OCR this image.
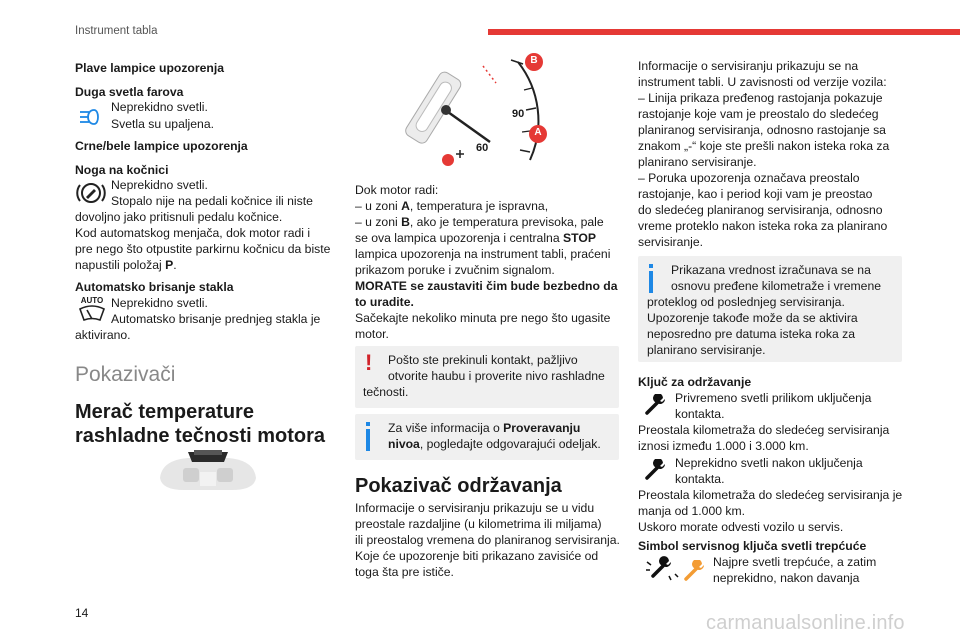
Instrument tabla
Plave lampice upozorenja
Duga svetla farova
Neprekidno svetli.
Svetla su upaljena.
Crne/bele lampice upozorenja
Noga na kočnici
Neprekidno svetli.
Stopalo nije na pedali kočnice ili niste
dovoljno jako pritisnuli pedalu kočnice.
Kod automatskog menjača, dok motor radi i
pre nego što otpustite parkirnu kočnicu da biste
napustili položaj P.
Automatsko brisanje stakla
AUTO Neprekidno svetli.
Automatsko brisanje prednjeg stakla je
aktivirano.
Pokazivači
Merač temperature
rashladne tečnosti motora
B
A
90
60
Dok motor radi:
– u zoni A, temperatura je ispravna,
– u zoni B, ako je temperatura previsoka, pale
se ova lampica upozorenja i centralna STOP
lampica upozorenja na instrument tabli, praćeni
prikazom poruke i zvučnim signalom.
MORATE se zaustaviti čim bude bezbedno da
to uradite.
Sačekajte nekoliko minuta pre nego što ugasite
motor.
! Pošto ste prekinuli kontakt, pažljivo
otvorite haubu i proverite nivo rashladne
tečnosti.
Za više informacija o Proveravanju
nivoa, pogledajte odgovarajući odeljak.
Pokazivač održavanja
Informacije o servisiranju prikazuju se u vidu
preostale razdaljine (u kilometrima ili miljama)
ili preostalog vremena do planiranog servisiranja.
Koje će upozorenje biti prikazano zavisiće od
toga šta pre ističe.
Informacije o servisiranju prikazuju se na
instrument tabli. U zavisnosti od verzije vozila:
– Linija prikaza pređenog rastojanja pokazuje
rastojanje koje vam je preostalo do sledećeg
planiranog servisiranja, odnosno rastojanje sa
znakom „-“ koje ste prešli nakon isteka roka za
planirano servisiranje.
– Poruka upozorenja označava preostalo
rastojanje, kao i period koji vam je preostao
do sledećeg planiranog servisiranja, odnosno
vreme proteklo nakon isteka roka za planirano
servisiranje.
Prikazana vrednost izračunava se na
osnovu pređene kilometraže i vremene
proteklog od poslednjeg servisiranja.
Upozorenje takođe može da se aktivira
neposredno pre datuma isteka roka za
planirano servisiranje.
Ključ za održavanje
Privremeno svetli prilikom uključenja
kontakta.
Preostala kilometraža do sledećeg servisiranja
iznosi između 1.000 i 3.000 km.
Neprekidno svetli nakon uključenja
kontakta.
Preostala kilometraža do sledećeg servisiranja je
manja od 1.000 km.
Uskoro morate odvesti vozilo u servis.
Simbol servisnog ključa svetli trepćuće
Najpre svetli trepćuće, a zatim
neprekidno, nakon davanja
14	carmanualsonline.info
